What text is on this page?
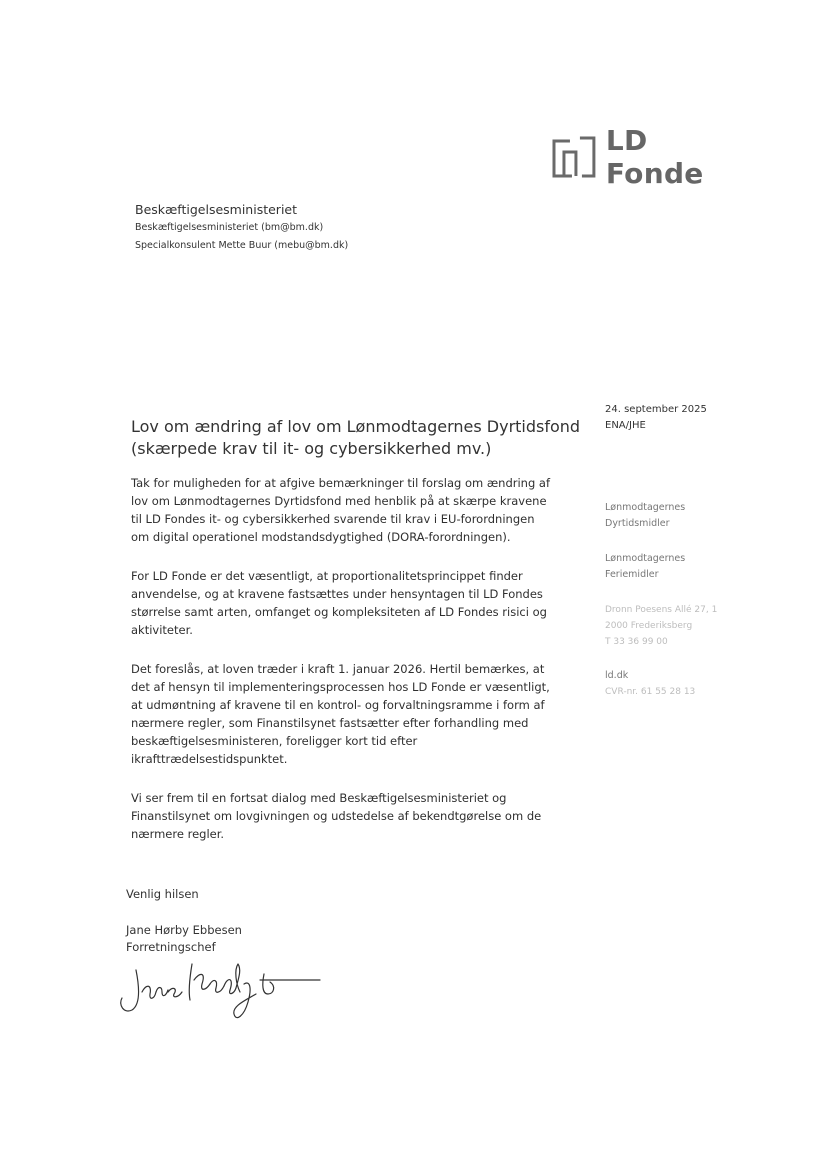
LD Fonde
Beskæftigelsesministeriet
Beskæftigelsesministeriet (bm@bm.dk)
Specialkonsulent Mette Buur (mebu@bm.dk)
24. september 2025
ENA/JHE
Lønmodtagernes
Dyrtidsmidler
Lønmodtagernes
Feriemidler
Dronn Poesens Allé 27, 1
2000 Frederiksberg
T 33 36 99 00
ld.dk
CVR-nr. 61 55 28 13
Lov om ændring af lov om Lønmodtagernes Dyrtidsfond
(skærpede krav til it- og cybersikkerhed mv.)

Tak for muligheden for at afgive bemærkninger til forslag om ændring af lov om Lønmodtagernes Dyrtidsfond med henblik på at skærpe kravene til LD Fondes it- og cybersikkerhed svarende til krav i EU-forordningen om digital operationel modstandsdygtighed (DORA-forordningen).

For LD Fonde er det væsentligt, at proportionalitetsprincippet finder anvendelse, og at kravene fastsættes under hensyntagen til LD Fondes størrelse samt arten, omfanget og kompleksiteten af LD Fondes risici og aktiviteter.

Det foreslås, at loven træder i kraft 1. januar 2026. Hertil bemærkes, at det af hensyn til implementeringsprocessen hos LD Fonde er væsentligt, at udmøntning af kravene til en kontrol- og forvaltningsramme i form af nærmere regler, som Finanstilsynet fastsætter efter forhandling med beskæftigelsesministeren, foreligger kort tid efter ikrafttrædelsestidspunktet.

Vi ser frem til en fortsat dialog med Beskæftigelsesministeriet og Finanstilsynet om lovgivningen og udstedelse af bekendtgørelse om de nærmere regler.

Venlig hilsen
Jane Hørby Ebbesen
Forretningschef
